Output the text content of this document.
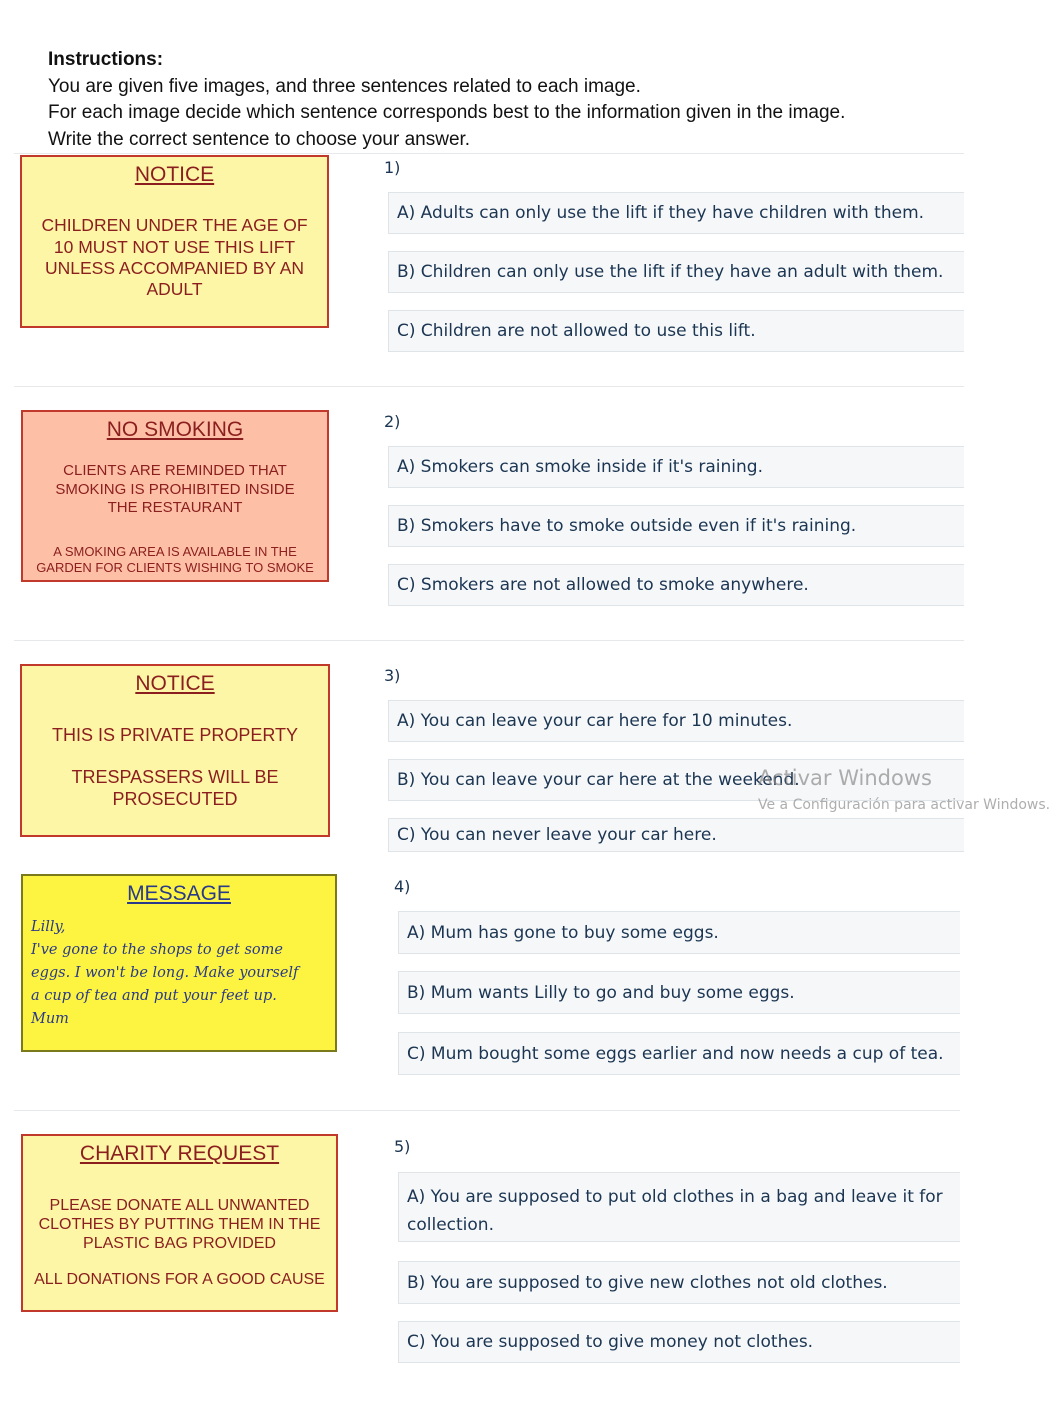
Instructions:
You are given five images, and three sentences related to each image.
For each image decide which sentence corresponds best to the information given in the image.
Write the correct sentence to choose your answer.
NOTICE
CHILDREN UNDER THE AGE OF
10 MUST NOT USE THIS LIFT
UNLESS ACCOMPANIED BY AN
ADULT
1)
A) Adults can only use the lift if they have children with them.
B) Children can only use the lift if they have an adult with them.
C) Children are not allowed to use this lift.
NO SMOKING
CLIENTS ARE REMINDED THAT
SMOKING IS PROHIBITED INSIDE
THE RESTAURANT
A SMOKING AREA IS AVAILABLE IN THE
GARDEN FOR CLIENTS WISHING TO SMOKE
2)
A) Smokers can smoke inside if it's raining.
B) Smokers have to smoke outside even if it's raining.
C) Smokers are not allowed to smoke anywhere.
NOTICE
THIS IS PRIVATE PROPERTY
TRESPASSERS WILL BE
PROSECUTED
3)
A) You can leave your car here for 10 minutes.
B) You can leave your car here at the weekend.
C) You can never leave your car here.
Activar Windows
Ve a Configuración para activar Windows.
MESSAGE
Lilly,
I've gone to the shops to get some
eggs. I won't be long. Make yourself
a cup of tea and put your feet up.
Mum
4)
A) Mum has gone to buy some eggs.
B) Mum wants Lilly to go and buy some eggs.
C) Mum bought some eggs earlier and now needs a cup of tea.
CHARITY REQUEST
PLEASE DONATE ALL UNWANTED
CLOTHES BY PUTTING THEM IN THE
PLASTIC BAG PROVIDED
ALL DONATIONS FOR A GOOD CAUSE
5)
A) You are supposed to put old clothes in a bag and leave it for collection.
B) You are supposed to give new clothes not old clothes.
C) You are supposed to give money not clothes.
